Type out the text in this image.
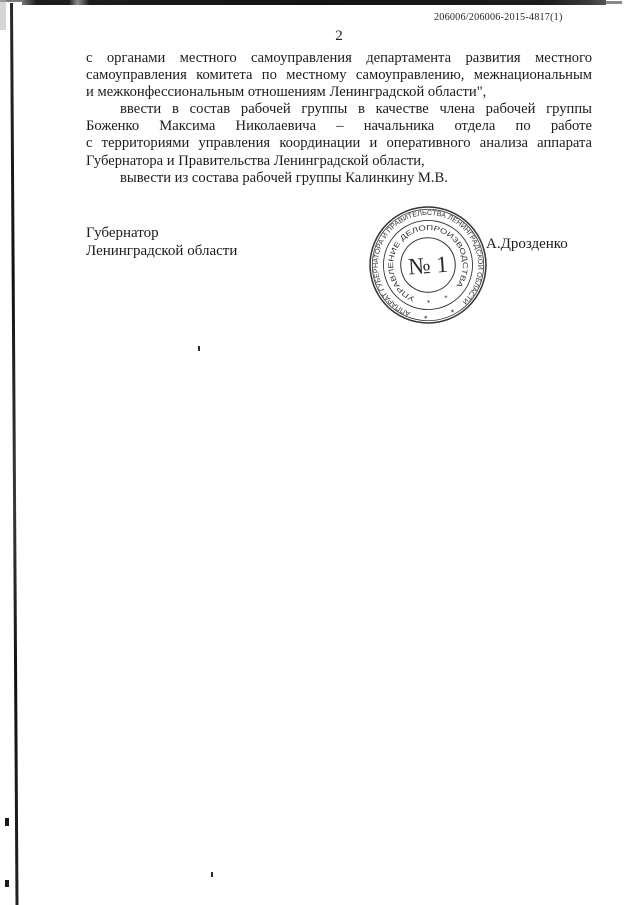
206006/206006-2015-4817(1)
2
с органами местного самоуправления департамента развития местного
самоуправления комитета по местному самоуправлению, межнациональным
и межконфессиональным отношениям Ленинградской области",
ввести в состав рабочей группы в качестве члена рабочей группы
Боженко Максима Николаевича – начальника отдела по работе
с территориями управления координации и оперативного анализа аппарата
Губернатора и Правительства Ленинградской области,
вывести из состава рабочей группы Калинкину М.В.
Губернатор
Ленинградской области	А.Дрозденко
АППАРАТ ГУБЕРНАТОРА И ПРАВИТЕЛЬСТВА ЛЕНИНГРАДСКОЙ ОБЛАСТИ
УПРАВЛЕНИЕ ДЕЛОПРОИЗВОДСТВА
*
*
* *
№ 1
